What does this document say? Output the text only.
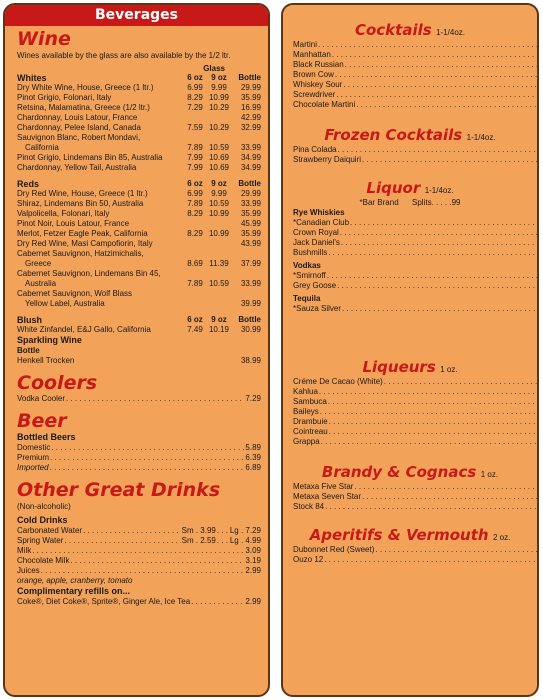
Beverages
Wine
Wines available by the glass are also available by the 1/2 ltr.
Glass
Whites	6 oz	9 oz	Bottle
Dry White Wine, House, Greece (1 ltr.)	6.99	9.99	29.99
Pinot Grigio, Folonari, Italy	8.29 10.99	35.99
Retsina, Malamatina, Greece (1/2 ltr.)	7.29 10.29	16.99
Chardonnay, Louis Latour, France	42.99
Chardonnay, Pelee Island, Canada	7.59 10.29	32.99
Sauvignon Blanc, Robert Mondavi,
California	7.89 10.59	33.99
Pinot Grigio, Lindemans Bin 85, Australia	7.99 10.69	34.99
Chardonnay, Yellow Tail, Australia	7.99 10.69	34.99
Reds	6 oz	9 oz	Bottle
Dry Red Wine, House, Greece (1 ltr.)	6.99	9.99	29.99
Shiraz, Lindemans Bin 50, Australia	7.89 10.59	33.99
Valpolicella, Folonari, Italy	8.29 10.99	35.99
Pinot Noir, Louis Latour, France	45.99
Merlot, Fetzer Eagle Peak, California	8.29 10.99	35.99
Dry Red Wine, Masi Campofiorin, Italy	43.99
Cabernet Sauvignon, Hatzimichalis,
Greece	8.69 11.39	37.99
Cabernet Sauvignon, Lindemans Bin 45,
Australia	7.89 10.59	33.99
Cabernet Sauvignon, Wolf Blass
Yellow Label, Australia	39.99
Blush	6 oz	9 oz	Bottle
White Zinfandel, E&J Gallo, California	7.49 10.19	30.99
Sparkling Wine
Bottle
Henkell Trocken	38.99
Coolers
Vodka Cooler . . .	7.29
Beer
Bottled Beers
Domestic . . .	5.89
Premium . . .	6.39
Imported . . .	6.89
Other Great Drinks
(Non-alcoholic)
Cold Drinks
Carbonated Water . . .	Sm . 3.99 . . . Lg . 7.29
Spring Water . . .	Sm . 2.59 . . . Lg . 4.99
Milk . . .	3.09
Chocolate Milk . . .	3.19
Juices . . .	2.99
orange, apple, cranberry, tomato
Complimentary refills on...
Coke®, Diet Coke®, Sprite®, Ginger Ale, Ice Tea . . .	2.99
Cocktails 1-1/4oz.
Martini
. . .
Manhattan
. . .
Black Russian
. . .
Brown Cow
. . .
Whiskey Sour
. . .
Screwdriver
. . .
Chocolate Martini
. . .
Frozen Cocktails 1-1/4oz.
Pina Colada
. . .
Strawberry Daiquiri
. . .
Liquor 1-1/4oz.
*Bar Brand Splits. . . . .99
Rye Whiskies
*Canadian Club
. . .
Crown Royal
. . .
Jack Daniel's
. . .
Bushmills
. . .
Vodkas
*Smirnoff
. . .
Grey Goose
. . .
Tequila
*Sauza Silver
. . .
Liqueurs 1 oz.
Créme De Cacao (White)
. . .
Kahlua
. . .
Sambuca
. . .
Baileys
. . .
Drambuie
. . .
Cointreau
. . .
Grappa
. . .
Brandy & Cognacs 1 oz.
Metaxa Five Star
. . .
Metaxa Seven Star
. . .
Stock 84
. . .
Aperitifs & Vermouth 2 oz.
Dubonnet Red (Sweet)
. . .
Ouzo 12
. . .
